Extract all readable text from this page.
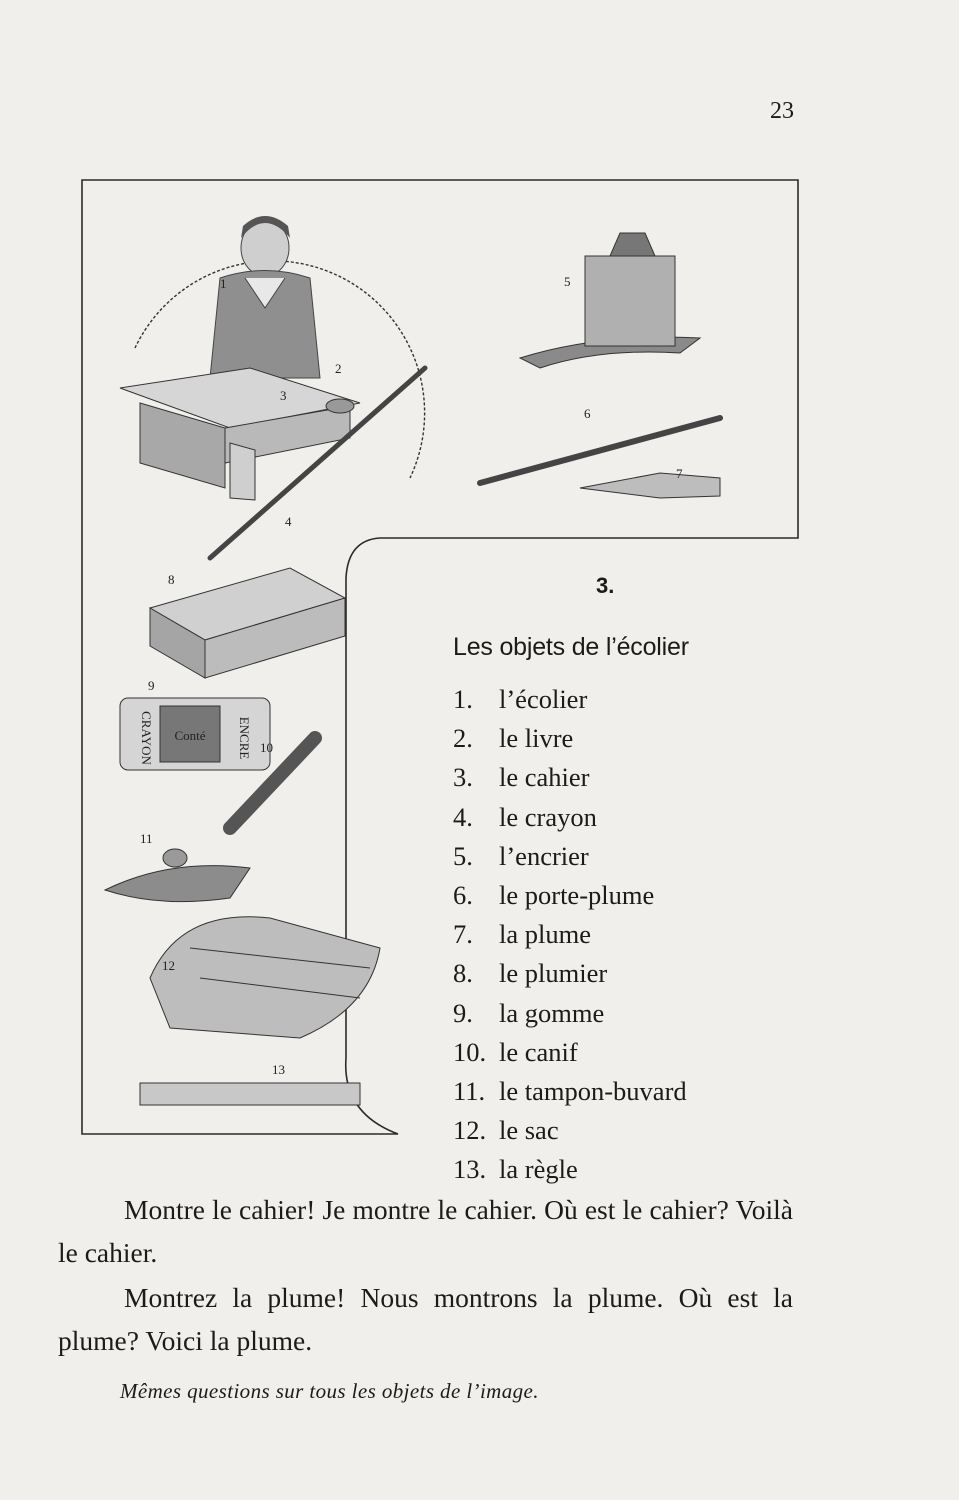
23
CRAYON Conté ENCRE
1
2
3
4
5
6
7
8
9
10
11
12
13
3.
Les objets de l’écolier
1. l’écolier
2. le livre
3. le cahier
4. le crayon
5. l’encrier
6. le porte-plume
7. la plume
8. le plumier
9. la gomme
10. le canif
11. le tampon-buvard
12. le sac
13. la règle

Montre le cahier! Je montre le cahier. Où est le cahier? Voilà le cahier.

Montrez la plume! Nous montrons la plume. Où est la plume? Voici la plume.

Mêmes questions sur tous les objets de l’image.
